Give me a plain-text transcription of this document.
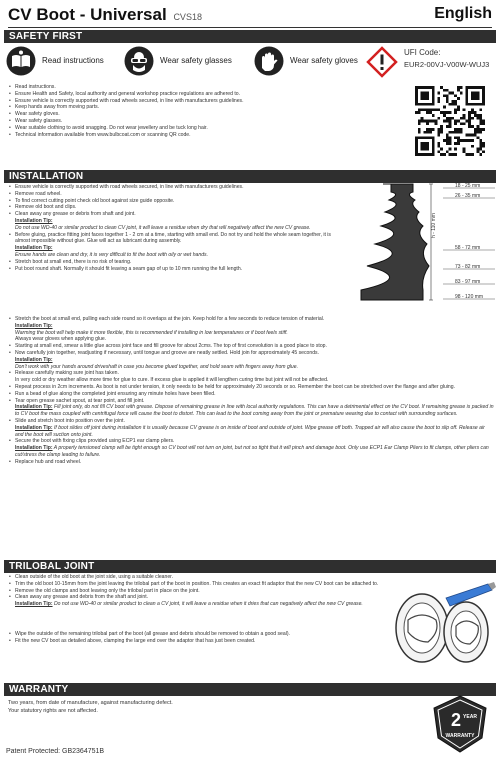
CV Boot - Universal CVS18	English
SAFETY FIRST
Read instructions	Wear safety glasses	Wear safety gloves
UFI Code:
EUR2-00VJ-V00W-WUJ3
• Read instructions.
• Ensure Health and Safety, local authority and general workshop practice regulations are adhered to.
• Ensure vehicle is correctly supported with road wheels secured, in line with manufacturers guidelines.
• Keep hands away from moving parts.
• Wear safety gloves.
• Wear safety glasses.
• Wear suitable clothing to avoid snagging. Do not wear jewellery and be tuck long hair.
• Technical information available from www.bulbcoat.com or scanning QR code.
INSTALLATION
• Ensure vehicle is correctly supported with road wheels secured, in line with manufacturers guidelines.
• Remove road wheel.
• To find correct cutting point check old boot against size guide opposite.
• Remove old boot and clips.
• Clean away any grease or debris from shaft and joint.
Installation Tip:
Do not use WD-40 or similar product to clean CV joint, it will leave a residue when dry that will negatively affect the new CV grease.
• Before gluing, practice fitting joint faces together 1 - 2 cm at a time, starting with small end. Do not try and hold the whole seam together, it is almost impossible without glue. Glue will act as lubricant during assembly.
Installation Tip:
Ensure hands are clean and dry, it is very difficult to fit the boot with oily or wet hands.
• Stretch boot at small end, there is no risk of tearing.
• Put boot round shaft. Normally it should fit leaving a seam gap of up to 10 mm running the full length.
h - 110 mm
18 - 25 mm
26 - 35 mm
58 - 72 mm
73 - 82 mm
83 - 97 mm
98 - 120 mm
• Stretch the boot at small end, pulling each side round so it overlaps at the join. Keep hold for a few seconds to reduce tension of material.
Installation Tip:
Warming the boot will help make it more flexible, this is recommended if installing in low temperatures or if boot feels stiff.
Always wear gloves when applying glue.
• Starting at small end, smear a little glue across joint face and fill groove for about 2cms. The top of first convolution is a good place to stop.
• Now carefully join together, readjusting if necessary, until tongue and groove are neatly settled. Hold join for approximately 45 seconds.
Installation Tip:
Don't work with your hands around driveshaft in case you become glued together, and hold seam with fingers away from glue.
• Release carefully making sure joint has taken.
In very cold or dry weather allow more time for glue to cure. If excess glue is applied it will lengthen curing time but joint will not be affected.
• Repeat process in 2cm increments. As boot is not under tension, it only needs to be held for approximately 20 seconds or so. Remember the boot can be stretched over the flange and after gluing.
• Run a bead of glue along the completed joint ensuring any minute holes have been filled.
• Tear open grease sachet spout, at tear point, and fill joint.
Installation Tip: Fill joint only, do not fill CV boot with grease. Dispose of remaining grease in line with local authority regulations. This can have a detrimental effect on the CV boot. If remaining grease is packed in to CV boot the mass coupled with centrifugal force will cause the boot to distort. This can lead to the boot coming away from the joint or premature wearing due to contact with surrounding surfaces.
• Slide and stretch boot into position over the joint.
Installation Tip: If boot slides off joint during installation it is usually because CV grease is on inside of boot and outside of joint. Wipe grease off both. Trapped air will also cause the boot to slip off. Release air and the boot will suction onto joint.
• Secure the boot with fixing clips provided using ECP1 ear clamp pliers.
Installation Tip: A properly tensioned clamp will be tight enough so CV boot will not turn on joint, but not so tight that it will pinch and damage boot. Only use ECP1 Ear Clamp Pliers to fit clamps, other pliers can cut/stress the clamp leading to failure.
• Replace hub and road wheel.
TRILOBAL JOINT
• Clean outside of the old boot at the joint side, using a suitable cleaner.
• Trim the old boot 10-15mm from the joint leaving the trilobal part of the boot in position. This creates an exact fit adaptor that the new CV boot can be attached to.
• Remove the old clamps and boot leaving only the trilobal part in place on the joint.
• Clean away any grease and debris from the shaft and joint.
Installation Tip: Do not use WD-40 or similar product to clean a CV joint, it will leave a residue when it dries that can negatively affect the new CV grease.
• Wipe the outside of the remaining trilobal part of the boot (all grease and debris should be removed to obtain a good seal).
• Fit the new CV boot as detailed above, clamping the large end over the adaptor that has just been created.
WARRANTY
Two years, from date of manufacture, against manufacturing defect.
Your statutory rights are not affected.	2 YEAR
WARRANTY
Patent Protected: GB2364751B
